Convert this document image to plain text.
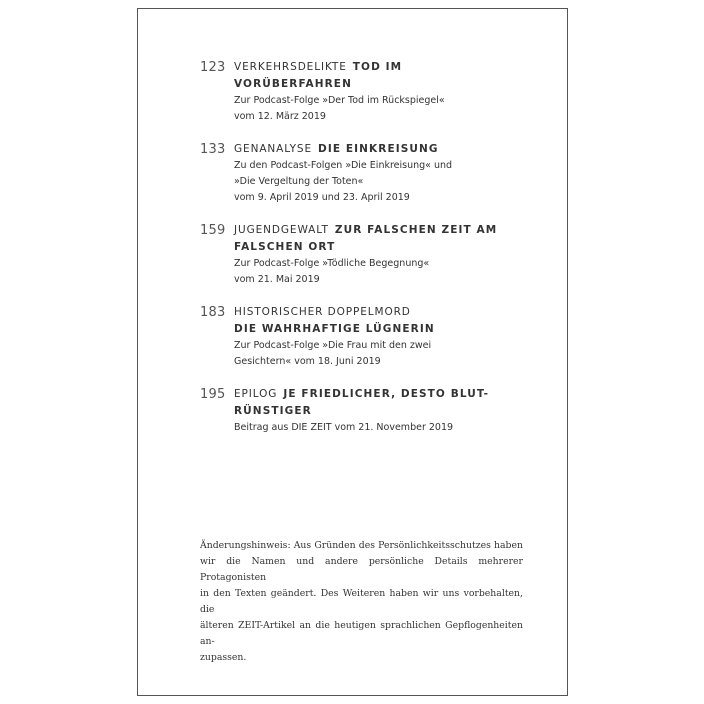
123 VERKEHRSDELIKTE TOD IM VORÜBERFAHREN
Zur Podcast-Folge »Der Tod im Rückspiegel«
vom 12. März 2019
133 GENANALYSE DIE EINKREISUNG
Zu den Podcast-Folgen »Die Einkreisung« und
»Die Vergeltung der Toten«
vom 9. April 2019 und 23. April 2019
159 JUGENDGEWALT ZUR FALSCHEN ZEIT AM
FALSCHEN ORT
Zur Podcast-Folge »Tödliche Begegnung«
vom 21. Mai 2019
183 HISTORISCHER DOPPELMORD
DIE WAHRHAFTIGE LÜGNERIN
Zur Podcast-Folge »Die Frau mit den zwei
Gesichtern« vom 18. Juni 2019
195 EPILOG JE FRIEDLICHER, DESTO BLUT-
RÜNSTIGER
Beitrag aus DIE ZEIT vom 21. November 2019
Änderungshinweis: Aus Gründen des Persönlichkeitsschutzes haben
wir die Namen und andere persönliche Details mehrerer Protagonisten
in den Texten geändert. Des Weiteren haben wir uns vorbehalten, die
älteren ZEIT-Artikel an die heutigen sprachlichen Gepflogenheiten an-
zupassen.
